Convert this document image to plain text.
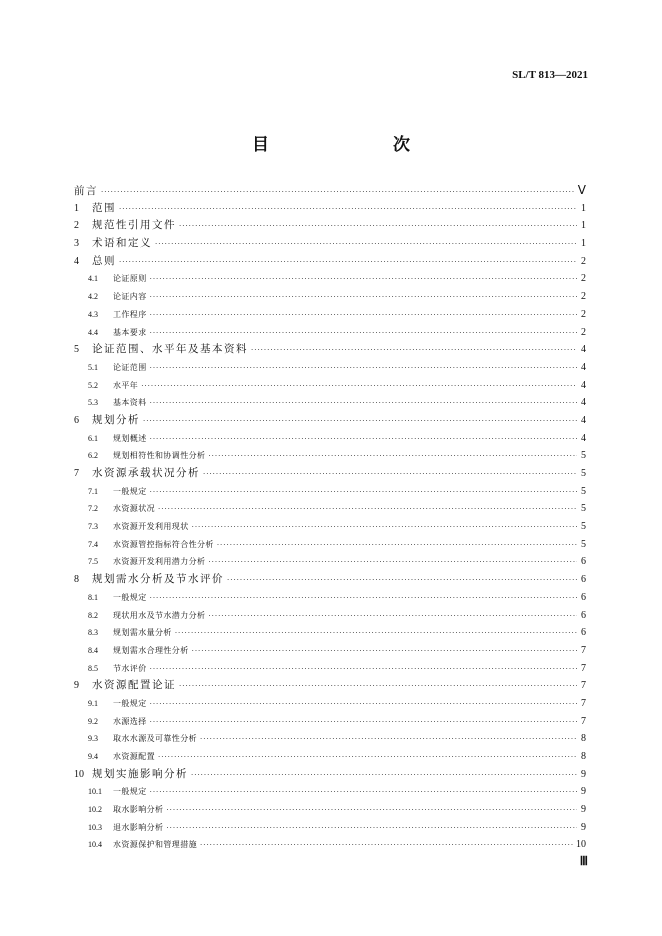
SL/T 813—2021
目　　次
前言 ·····	Ⅴ
1	范围 ·····	1
2	规范性引用文件 ·····	1
3	术语和定义 ·····	1
4	总则 ·····	2
4.1	论证原则 ·····	2
4.2	论证内容 ·····	2
4.3	工作程序 ·····	2
4.4	基本要求 ·····	2
5	论证范围、水平年及基本资料 ·····	4
5.1	论证范围 ·····	4
5.2	水平年 ·····	4
5.3	基本资料 ·····	4
6	规划分析 ·····	4
6.1	规划概述 ·····	4
6.2	规划相符性和协调性分析 ·····	5
7	水资源承载状况分析 ·····	5
7.1	一般规定 ·····	5
7.2	水资源状况 ·····	5
7.3	水资源开发利用现状 ·····	5
7.4	水资源管控指标符合性分析 ·····	5
7.5	水资源开发利用潜力分析 ·····	6
8	规划需水分析及节水评价 ·····	6
8.1	一般规定 ·····	6
8.2	现状用水及节水潜力分析 ·····	6
8.3	规划需水量分析 ·····	6
8.4	规划需水合理性分析 ·····	7
8.5	节水评价 ·····	7
9	水资源配置论证 ·····	7
9.1	一般规定 ·····	7
9.2	水源选择 ·····	7
9.3	取水水源及可靠性分析 ·····	8
9.4	水资源配置 ·····	8
10 规划实施影响分析 ·····	9
10.1	一般规定 ·····	9
10.2	取水影响分析 ·····	9
10.3	退水影响分析 ·····	9
10.4	水资源保护和管理措施 ·····	10
Ⅲ
